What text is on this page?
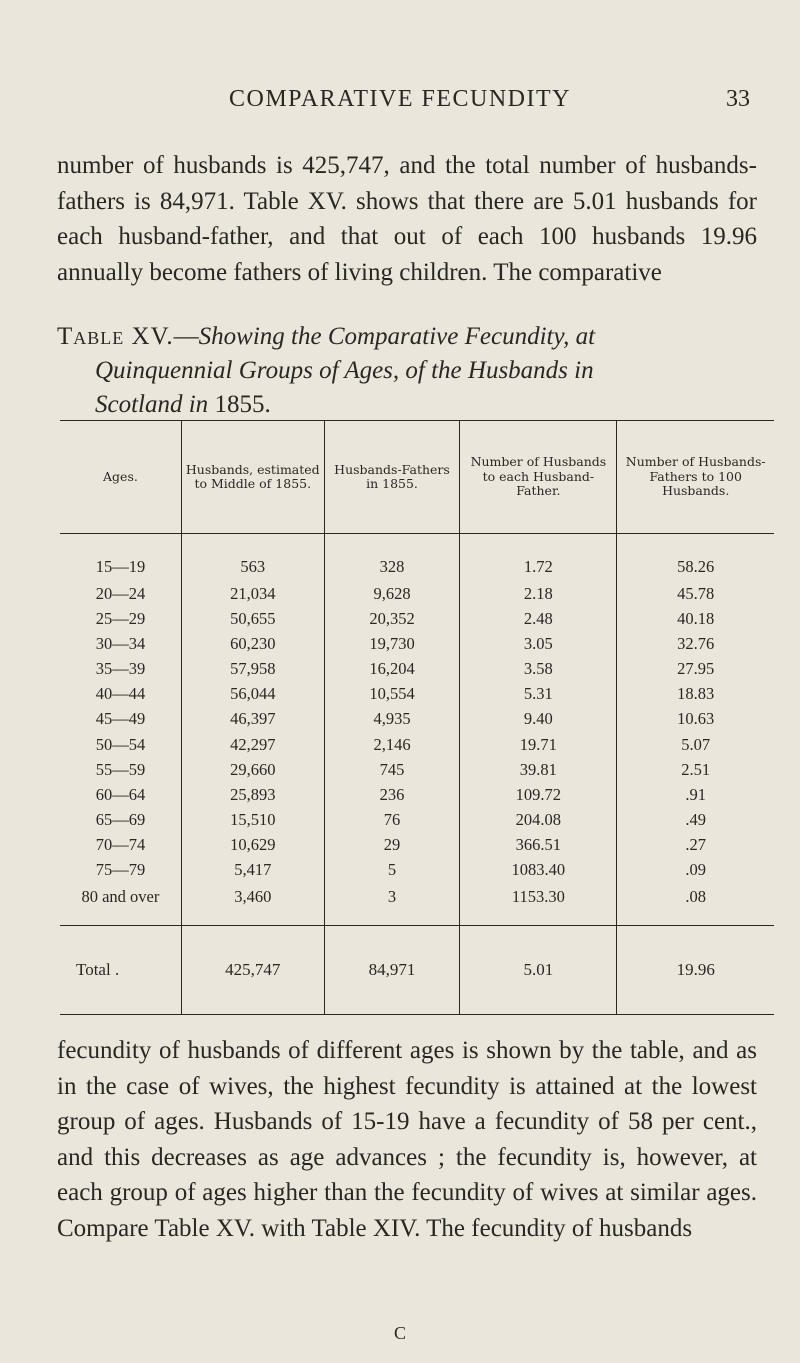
COMPARATIVE FECUNDITY	33

number of husbands is 425,747, and the total number of husbands-fathers is 84,971. Table XV. shows that there are 5.01 husbands for each husband-father, and that out of each 100 husbands 19.96 annually become fathers of living children. The comparative

Table XV.—Showing the Comparative Fecundity, at
Quinquennial Groups of Ages, of the Husbands in
Scotland in 1855.
Ages.	Husbands, estimated to Middle of 1855.	Husbands-Fathers in 1855.	Number of Husbands to each Husband-Father.	Number of Husbands-Fathers to 100 Husbands.
15—19	563	328	1.72	58.26
20—24	21,034	9,628	2.18	45.78
25—29	50,655	20,352	2.48	40.18
30—34	60,230	19,730	3.05	32.76
35—39	57,958	16,204	3.58	27.95
40—44	56,044	10,554	5.31	18.83
45—49	46,397	4,935	9.40	10.63
50—54	42,297	2,146	19.71	5.07
55—59	29,660	745	39.81	2.51
60—64	25,893	236	109.72	.91
65—69	15,510	76	204.08	.49
70—74	10,629	29	366.51	.27
75—79	5,417	5	1083.40	.09
80 and over	3,460	3	1153.30	.08
Total .	425,747	84,971	5.01	19.96

fecundity of husbands of different ages is shown by the table, and as in the case of wives, the highest fecundity is attained at the lowest group of ages. Husbands of 15-19 have a fecundity of 58 per cent., and this decreases as age advances ; the fecundity is, however, at each group of ages higher than the fecundity of wives at similar ages. Compare Table XV. with Table XIV. The fecundity of husbands

C
